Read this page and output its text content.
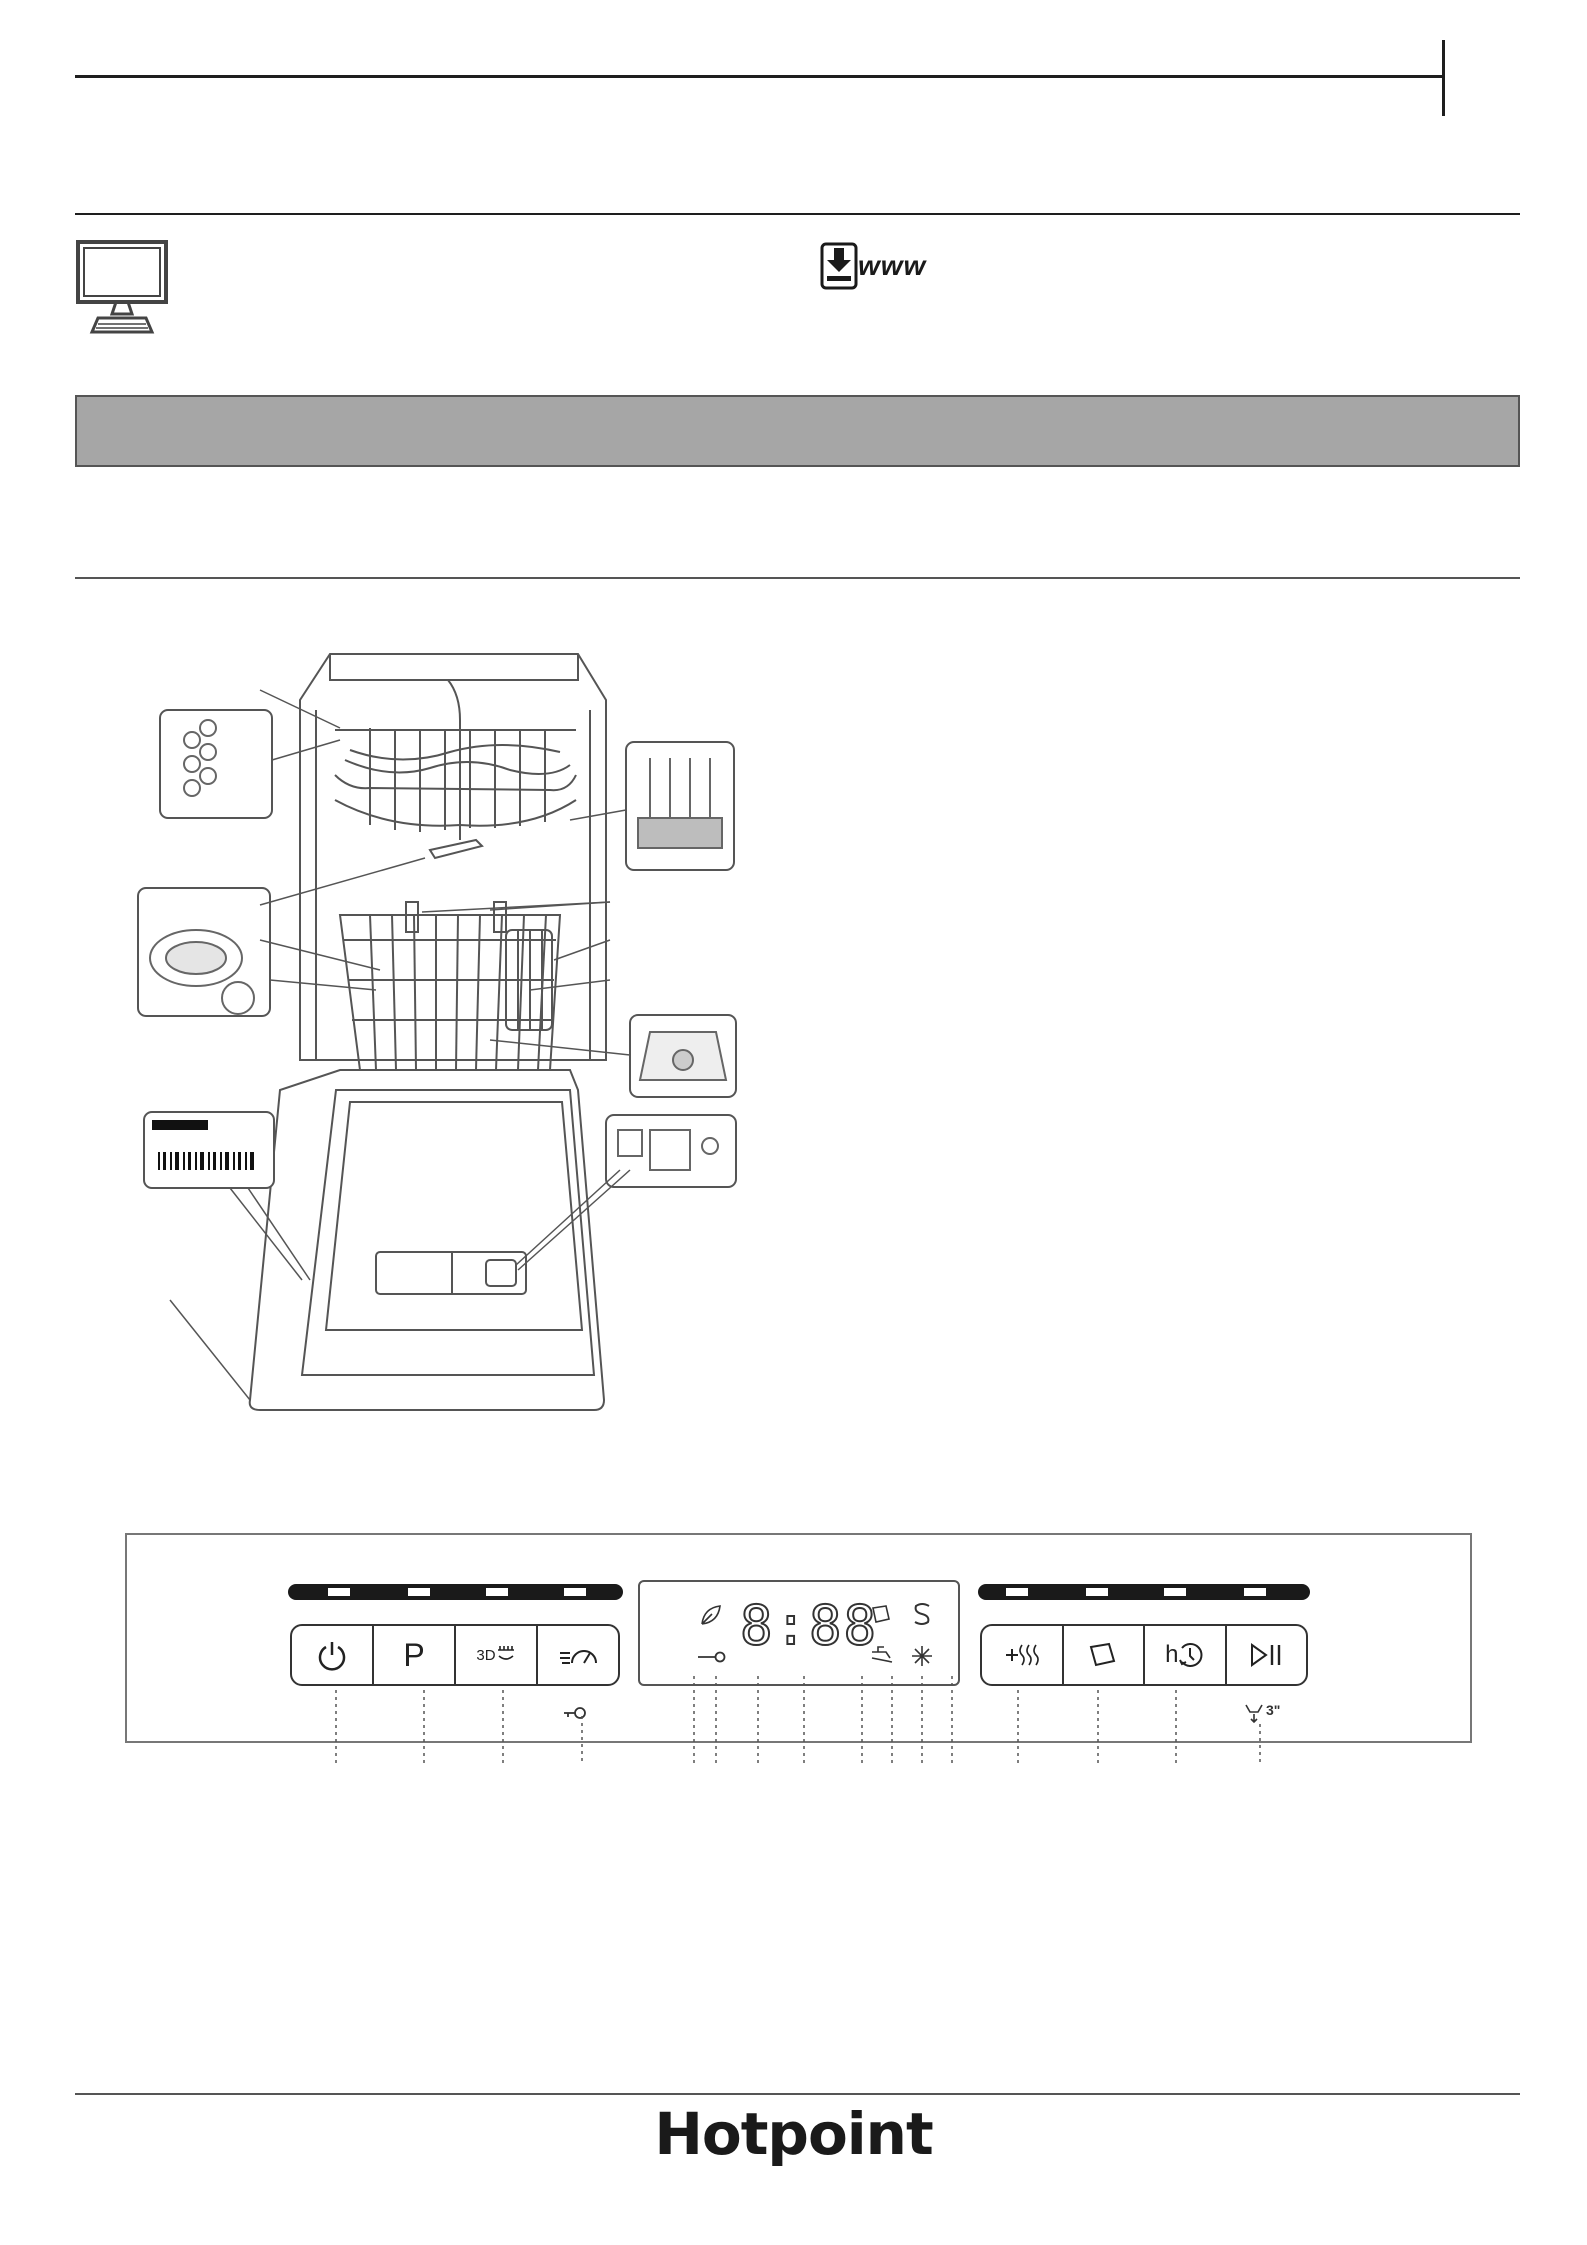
www
P	3D	8:88	h
3"
Hotpoint
